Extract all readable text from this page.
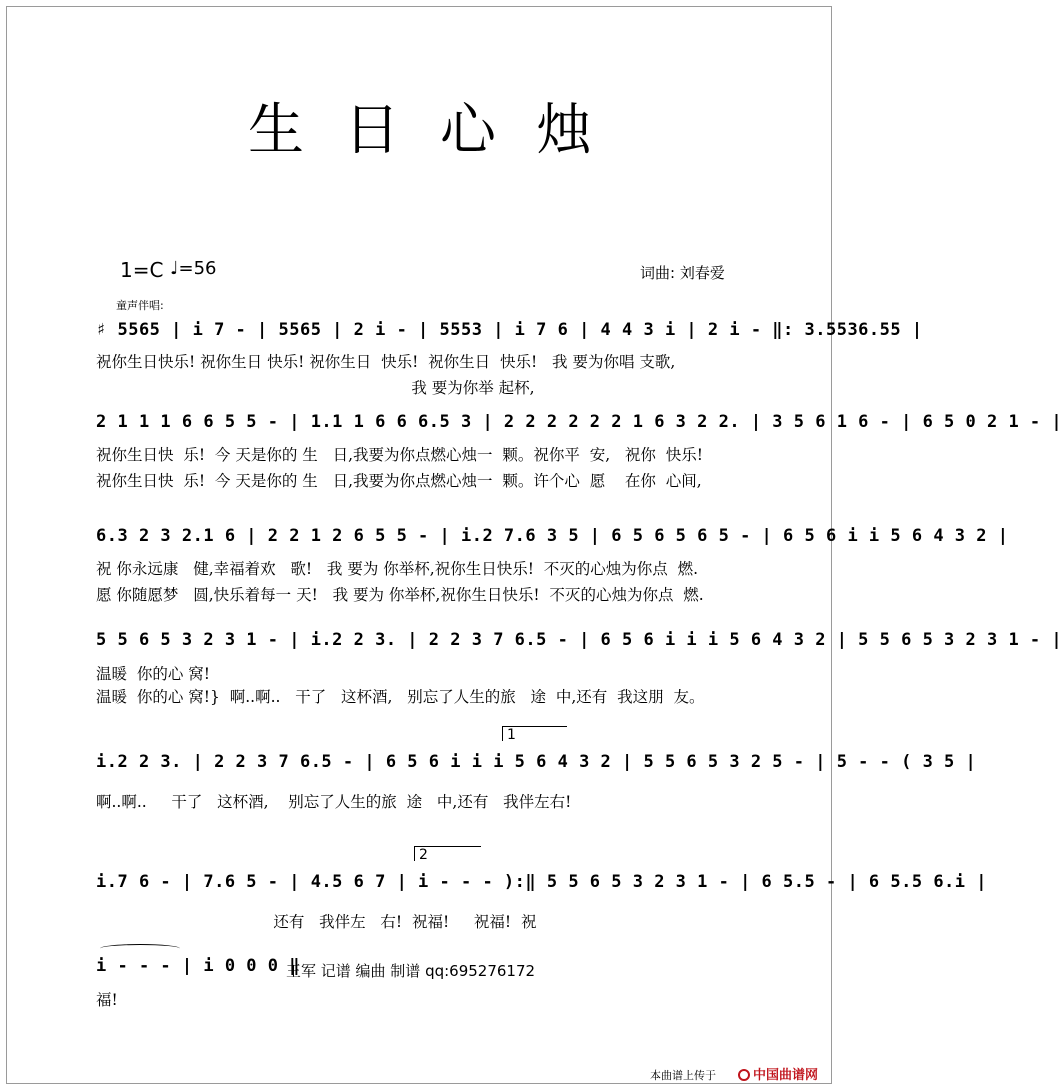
生日心烛
1=C ♩=56	词曲: 刘春爱
童声伴唱:
♯ 5565 | i 7 - | 5565 | 2 i - | 5553 | i 7 6 | 4 4 3 i | 2 i - ‖: 3.5536.55 |
祝你生日快乐! 祝你生日 快乐! 祝你生日  快乐!  祝你生日  快乐!   我 要为你唱 支歌,
我 要为你举 起杯,
2 1 1 1 6 6 5 5 - | 1.1 1 6 6 6.5 3 | 2 2 2 2 2 2 1 6 3 2 2. | 3 5 6 1 6 - | 6 5 0 2 1 - |
祝你生日快  乐!  今 天是你的 生   日,我要为你点燃心烛一  颗。祝你平  安,   祝你  快乐!
祝你生日快  乐!  今 天是你的 生   日,我要为你点燃心烛一  颗。许个心  愿    在你  心间,
6.3 2 3 2.1 6 | 2 2 1 2 6 5 5 - | i.2 7.6 3 5 | 6 5 6 5 6 5 - | 6 5 6 i i 5 6 4 3 2 |
祝 你永远康   健,幸福着欢   歌!   我 要为 你举杯,祝你生日快乐!  不灭的心烛为你点  燃.
愿 你随愿梦   圆,快乐着每一 天!   我 要为 你举杯,祝你生日快乐!  不灭的心烛为你点  燃.
5 5 6 5 3 2 3 1 - | i.2 2 3. | 2 2 3 7 6.5 - | 6 5 6 i i i 5 6 4 3 2 | 5 5 6 5 3 2 3 1 - |
温暖  你的心 窝!
温暖  你的心 窝!}  啊..啊..   干了   这杯酒,   别忘了人生的旅   途  中,还有  我这朋  友。
1
i.2 2 3. | 2 2 3 7 6.5 - | 6 5 6 i i i 5 6 4 3 2 | 5 5 6 5 3 2 5 - | 5 - - ( 3 5 |
啊..啊..     干了   这杯酒,    别忘了人生的旅  途   中,还有   我伴左右!
2
i.7 6 - | 7.6 5 - | 4.5 6 7 | i - - - ):‖ 5 5 6 5 3 2 3 1 - | 6 5.5 - | 6 5.5 6.i |
还有   我伴左   右!  祝福!     祝福!  祝
i - - - | i 0 0 0 ‖
福!
王军 记谱 编曲 制谱 qq:695276172
本曲谱上传于	中国曲谱网
